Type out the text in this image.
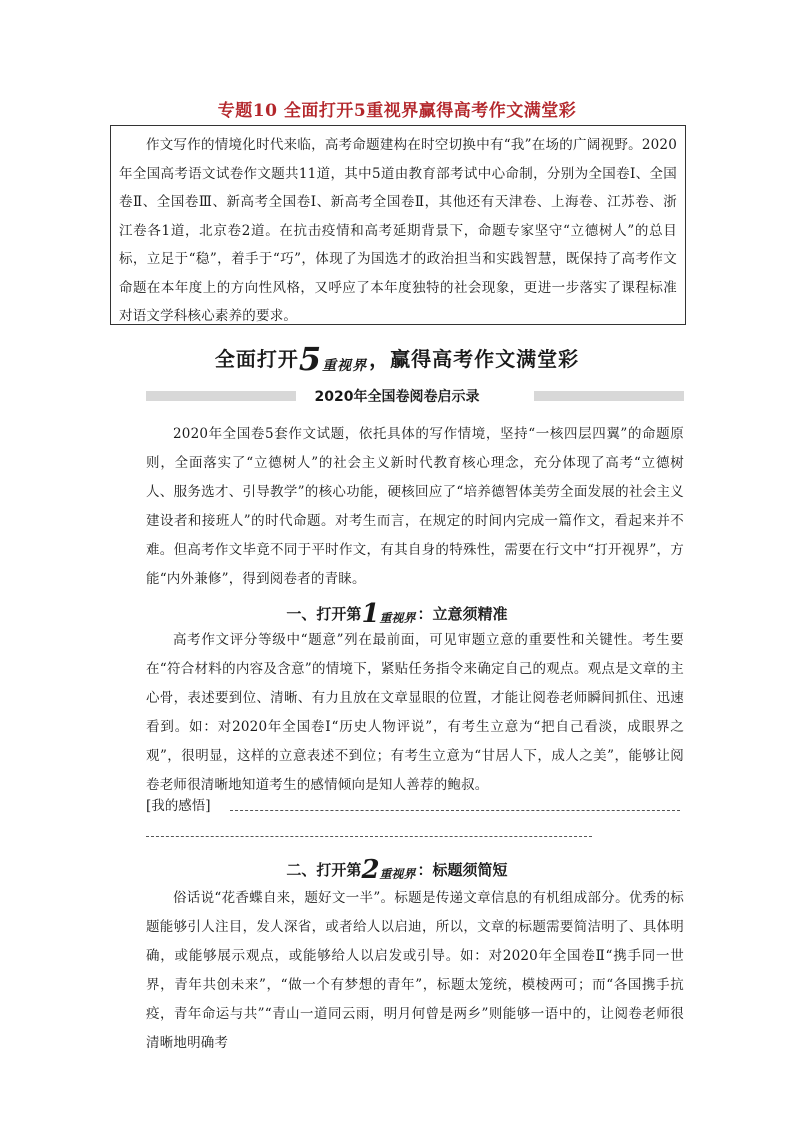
专题10 全面打开5重视界赢得高考作文满堂彩

作文写作的情境化时代来临，高考命题建构在时空切换中有“我”在场的广阔视野。2020年全国高考语文试卷作文题共11道，其中5道由教育部考试中心命制，分别为全国卷Ⅰ、全国卷Ⅱ、全国卷Ⅲ、新高考全国卷Ⅰ、新高考全国卷Ⅱ，其他还有天津卷、上海卷、江苏卷、浙江卷各1道，北京卷2道。在抗击疫情和高考延期背景下，命题专家坚守“立德树人”的总目标，立足于“稳”，着手于“巧”，体现了为国选才的政治担当和实践智慧，既保持了高考作文命题在本年度上的方向性风格，又呼应了本年度独特的社会现象，更进一步落实了课程标准对语文学科核心素养的要求。

全面打开5重视界 ，赢得高考作文满堂彩
2020年全国卷阅卷启示录

2020年全国卷5套作文试题，依托具体的写作情境，坚持“一核四层四翼”的命题原则，全面落实了“立德树人”的社会主义新时代教育核心理念，充分体现了高考“立德树人、服务选才、引导教学”的核心功能，硬核回应了“培养德智体美劳全面发展的社会主义建设者和接班人”的时代命题。对考生而言，在规定的时间内完成一篇作文，看起来并不难。但高考作文毕竟不同于平时作文，有其自身的特殊性，需要在行文中“打开视界”，方能“内外兼修”，得到阅卷者的青睐。

一、打开第1重视界 ：立意须精准

高考作文评分等级中“题意”列在最前面，可见审题立意的重要性和关键性。考生要在“符合材料的内容及含意”的情境下，紧贴任务指令来确定自己的观点。观点是文章的主心骨，表述要到位、清晰、有力且放在文章显眼的位置，才能让阅卷老师瞬间抓住、迅速看到。如：对2020年全国卷Ⅰ“历史人物评说”，有考生立意为“把自己看淡，成眼界之观”，很明显，这样的立意表述不到位；有考生立意为“甘居人下，成人之美”，能够让阅卷老师很清晰地知道考生的感情倾向是知人善荐的鲍叔。

[我的感悟]
二、打开第2重视界 ：标题须简短

俗话说“花香蝶自来，题好文一半”。标题是传递文章信息的有机组成部分。优秀的标题能够引人注目，发人深省，或者给人以启迪，所以，文章的标题需要简洁明了、具体明确，或能够展示观点，或能够给人以启发或引导。如：对2020年全国卷Ⅱ“携手同一世界，青年共创未来”，“做一个有梦想的青年”，标题太笼统，模棱两可；而“各国携手抗疫，青年命运与共”“青山一道同云雨，明月何曾是两乡”则能够一语中的，让阅卷老师很清晰地明确考
